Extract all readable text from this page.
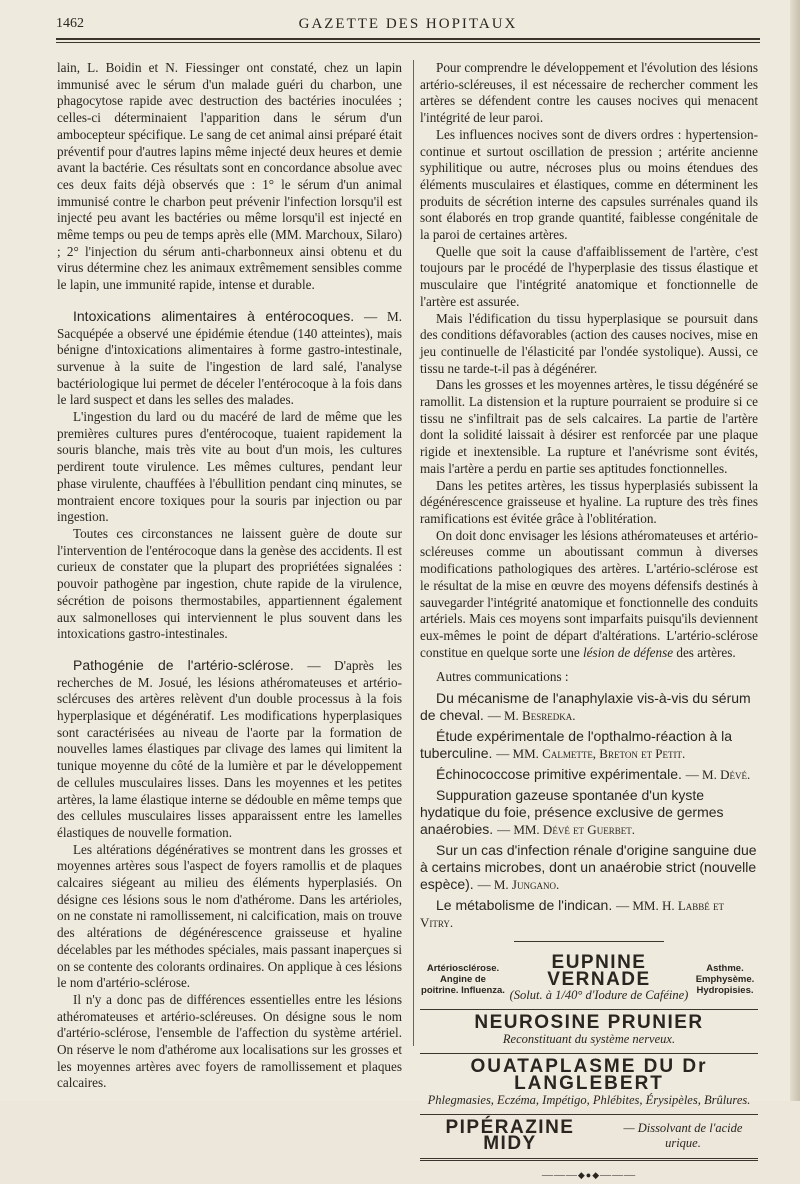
1462	GAZETTE DES HOPITAUX

lain, L. Boidin et N. Fiessinger ont constaté, chez un lapin immunisé avec le sérum d'un malade guéri du charbon, une phagocytose rapide avec destruction des bactéries inoculées ; celles-ci déterminaient l'apparition dans le sérum d'un ambocepteur spécifique. Le sang de cet animal ainsi préparé était préventif pour d'autres lapins même injecté deux heures et demie avant la bactérie. Ces résultats sont en concordance absolue avec ces deux faits déjà observés que : 1° le sérum d'un animal immunisé contre le charbon peut prévenir l'infection lorsqu'il est injecté peu avant les bactéries ou même lorsqu'il est injecté en même temps ou peu de temps après elle (MM. Marchoux, Silaro) ; 2° l'injection du sérum anti-charbonneux ainsi obtenu et du virus détermine chez les animaux extrêmement sensibles comme le lapin, une immunité rapide, intense et durable.

Intoxications alimentaires à entérocoques. — M. Sacquépée a observé une épidémie étendue (140 atteintes), mais bénigne d'intoxications alimentaires à forme gastro-intestinale, survenue à la suite de l'ingestion de lard salé, l'analyse bactériologique lui permet de déceler l'entérocoque à la fois dans le lard suspect et dans les selles des malades.

L'ingestion du lard ou du macéré de lard de même que les premières cultures pures d'entérocoque, tuaient rapidement la souris blanche, mais très vite au bout d'un mois, les cultures perdirent toute virulence. Les mêmes cultures, pendant leur phase virulente, chauffées à l'ébullition pendant cinq minutes, se montraient encore toxiques pour la souris par injection ou par ingestion.

Toutes ces circonstances ne laissent guère de doute sur l'intervention de l'entérocoque dans la genèse des accidents. Il est curieux de constater que la plupart des propriétées signalées : pouvoir pathogène par ingestion, chute rapide de la virulence, sécrétion de poisons thermostabiles, appartiennent également aux salmonelloses qui interviennent le plus souvent dans les intoxications gastro-intestinales.

Pathogénie de l'artério-sclérose. — D'après les recherches de M. Josué, les lésions athéromateuses et artério-sclércuses des artères relèvent d'un double processus à la fois hyperplasique et dégénératif. Les modifications hyperplasiques sont caractérisées au niveau de l'aorte par la formation de nouvelles lames élastiques par clivage des lames qui limitent la tunique moyenne du côté de la lumière et par le développement de cellules musculaires lisses. Dans les moyennes et les petites artères, la lame élastique interne se dédouble en même temps que des cellules musculaires lisses apparaissent entre les lamelles élastiques de nouvelle formation.

Les altérations dégénératives se montrent dans les grosses et moyennes artères sous l'aspect de foyers ramollis et de plaques calcaires siégeant au milieu des éléments hyperplasiés. On désigne ces lésions sous le nom d'athérome. Dans les artérioles, on ne constate ni ramollissement, ni calcification, mais on trouve des altérations de dégénérescence graisseuse et hyaline décelables par les méthodes spéciales, mais passant inaperçues si on se contente des colorants ordinaires. On applique à ces lésions le nom d'artério-sclérose.

Il n'y a donc pas de différences essentielles entre les lésions athéromateuses et artério-scléreuses. On désigne sous le nom d'artério-sclérose, l'ensemble de l'affection du système artériel. On réserve le nom d'athérome aux localisations sur les grosses et les moyennes artères avec foyers de ramollissement et plaques calcaires.

Pour comprendre le développement et l'évolution des lésions artério-scléreuses, il est nécessaire de rechercher comment les artères se défendent contre les causes nocives qui menacent l'intégrité de leur paroi.

Les influences nocives sont de divers ordres : hypertension-continue et surtout oscillation de pression ; artérite ancienne syphilitique ou autre, nécroses plus ou moins étendues des éléments musculaires et élastiques, comme en déterminent les produits de sécrétion interne des capsules surrénales quand ils sont élaborés en trop grande quantité, faiblesse congénitale de la paroi de certaines artères.

Quelle que soit la cause d'affaiblissement de l'artère, c'est toujours par le procédé de l'hyperplasie des tissus élastique et musculaire que l'intégrité anatomique et fonctionnelle de l'artère est assurée.

Mais l'édification du tissu hyperplasique se poursuit dans des conditions défavorables (action des causes nocives, mise en jeu continuelle de l'élasticité par l'ondée systolique). Aussi, ce tissu ne tarde-t-il pas à dégénérer.

Dans les grosses et les moyennes artères, le tissu dégénéré se ramollit. La distension et la rupture pourraient se produire si ce tissu ne s'infiltrait pas de sels calcaires. La partie de l'artère dont la solidité laissait à désirer est renforcée par une plaque rigide et inextensible. La rupture et l'anévrisme sont évités, mais l'artère a perdu en partie ses aptitudes fonctionnelles.

Dans les petites artères, les tissus hyperplasiés subissent la dégénérescence graisseuse et hyaline. La rupture des très fines ramifications est évitée grâce à l'oblitération.

On doit donc envisager les lésions athéromateuses et artério-scléreuses comme un aboutissant commun à diverses modifications pathologiques des artères. L'artério-sclérose est le résultat de la mise en œuvre des moyens défensifs destinés à sauvegarder l'intégrité anatomique et fonctionnelle des conduits artériels. Mais ces moyens sont imparfaits puisqu'ils deviennent eux-mêmes le point de départ d'altérations. L'artério-sclérose constitue en quelque sorte une lésion de défense des artères.

Autres communications :

Du mécanisme de l'anaphylaxie vis-à-vis du sérum de cheval. — M. Besredka.

Étude expérimentale de l'opthalmo-réaction à la tuberculine. — MM. Calmette, Breton et Petit.

Échinococcose primitive expérimentale. — M. Dévé.

Suppuration gazeuse spontanée d'un kyste hydatique du foie, présence exclusive de germes anaérobies. — MM. Dévé et Guerbet.

Sur un cas d'infection rénale d'origine sanguine due à certains microbes, dont un anaérobie strict (nouvelle espèce). — M. Jungano.

Le métabolisme de l'indican. — MM. H. Labbé et Vitry.

Artériosclérose. Angine de poitrine. Influenza.
EUPNINE VERNADE
(Solut. à 1/40° d'Iodure de Caféine)
Asthme. Emphysème. Hydropisies.
NEUROSINE PRUNIER
Reconstituant du système nerveux.
OUATAPLASME DU Dr LANGLEBERT
Phlegmasies, Eczéma, Impétigo, Phlébites, Érysipèles, Brûlures.
PIPÉRAZINE MIDY
— Dissolvant de l'acide urique.
———◆●◆———
